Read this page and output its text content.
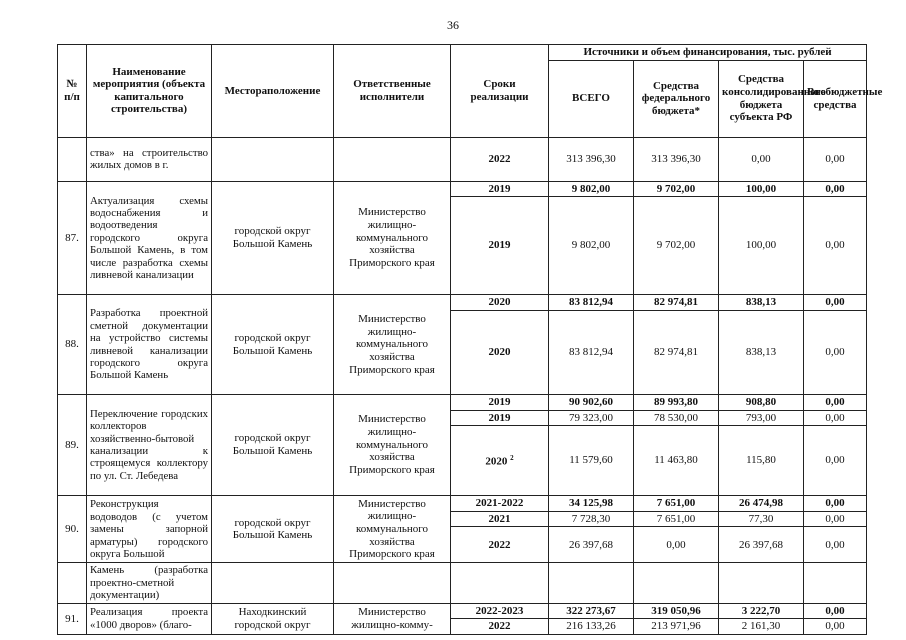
36
№ п/п	Наименование мероприятия (объекта капитального строительства)	Местораположение	Ответственные исполнители	Сроки реализации	Источники и объем финансирования, тыс. рублей			
					ВСЕГО	Средства федерального бюджета*	Средства консолидированного бюджета субъекта РФ	Внебюджетные средства
	ства» на строительство жилых домов в г.			2022	313 396,30	313 396,30	0,00	0,00
87.	Актуализация схемы водоснабжения и водоотведения городского округа Большой Камень, в том числе разработка схемы ливневой канализации	городской округ Большой Камень	Министерство жилищно-коммунального хозяйства Приморского края	2019	9 802,00	9 702,00	100,00	0,00
				2019	9 802,00	9 702,00	100,00	0,00
88.	Разработка проектной сметной документации на устройство системы ливневой канализации городского округа Большой Камень	городской округ Большой Камень	Министерство жилищно-коммунального хозяйства Приморского края	2020	83 812,94	82 974,81	838,13	0,00
				2020	83 812,94	82 974,81	838,13	0,00
89.	Переключение городских коллекторов хозяйственно-бытовой канализации к строящемуся коллектору по ул. Ст. Лебедева	городской округ Большой Камень	Министерство жилищно-коммунального хозяйства Приморского края	2019	90 902,60	89 993,80	908,80	0,00
				2019	79 323,00	78 530,00	793,00	0,00
				2020 $^2$	11 579,60	11 463,80	115,80	0,00
90.	Реконструкция водоводов (с учетом замены запорной арматуры) городского округа Большой	городской округ Большой Камень	Министерство жилищно-коммунального хозяйства Приморского края	2021-2022	34 125,98	7 651,00	26 474,98	0,00
				2021	7 728,30	7 651,00	77,30	0,00
				2022	26 397,68	0,00	26 397,68	0,00
	Камень (разработка проектно-сметной документации)							
91.	Реализация проекта «1000 дворов» (благо-	Находкинский городской округ	Министерство жилищно-комму-	2022-2023	322 273,67	319 050,96	3 222,70	0,00
				2022	216 133,26	213 971,96	2 161,30	0,00
